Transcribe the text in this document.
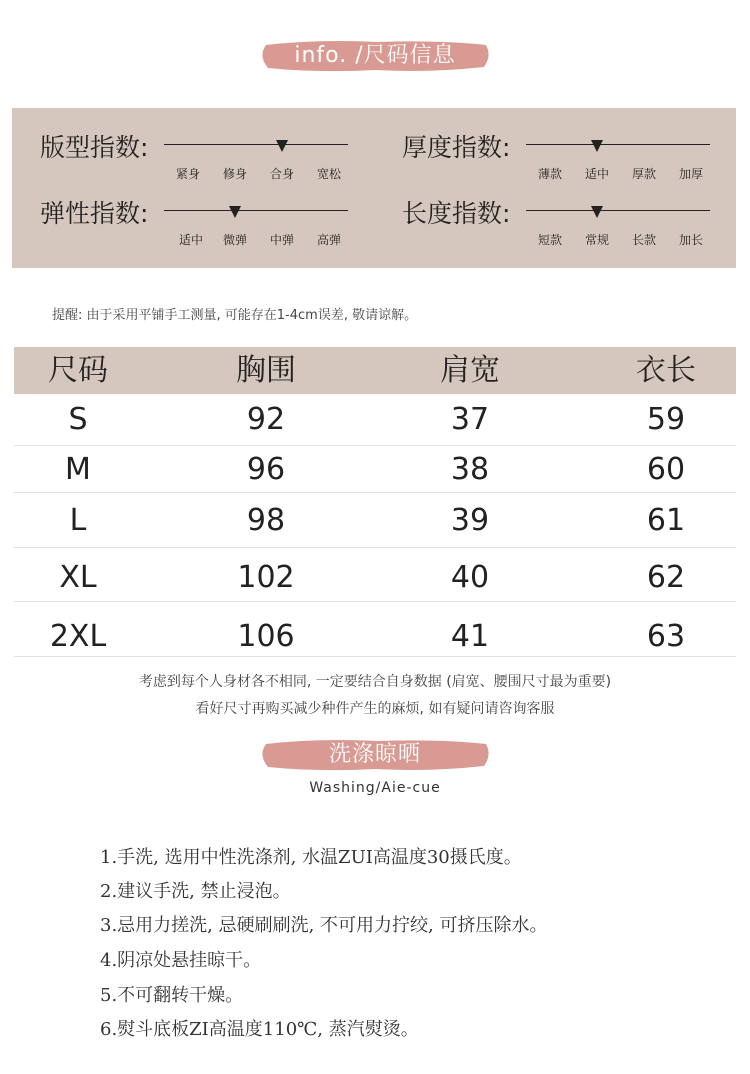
info. /尺码信息
版型指数:
紧身	修身	合身	宽松
厚度指数:
薄款	适中	厚款	加厚
弹性指数:
适中	微弹	中弹	高弹
长度指数:
短款	常规	长款	加长
提醒: 由于采用平铺手工测量, 可能存在1-4cm误差, 敬请谅解。
尺码	胸围	肩宽	衣长
S	92	37	59
M	96	38	60
L	98	39	61
XL	102	40	62
2XL	106	41	63
考虑到每个人身材各不相同, 一定要结合自身数据 (肩宽、腰围尺寸最为重要)
看好尺寸再购买减少种件产生的麻烦, 如有疑问请咨询客服
洗涤晾晒
Washing/Aie-cue
1.手洗, 选用中性洗涤剂, 水温ZUI高温度30摄氏度。
2.建议手洗, 禁止浸泡。
3.忌用力搓洗, 忌硬刷刷洗, 不可用力拧绞, 可挤压除水。
4.阴凉处悬挂晾干。
5.不可翻转干燥。
6.熨斗底板ZI高温度110℃, 蒸汽熨烫。
